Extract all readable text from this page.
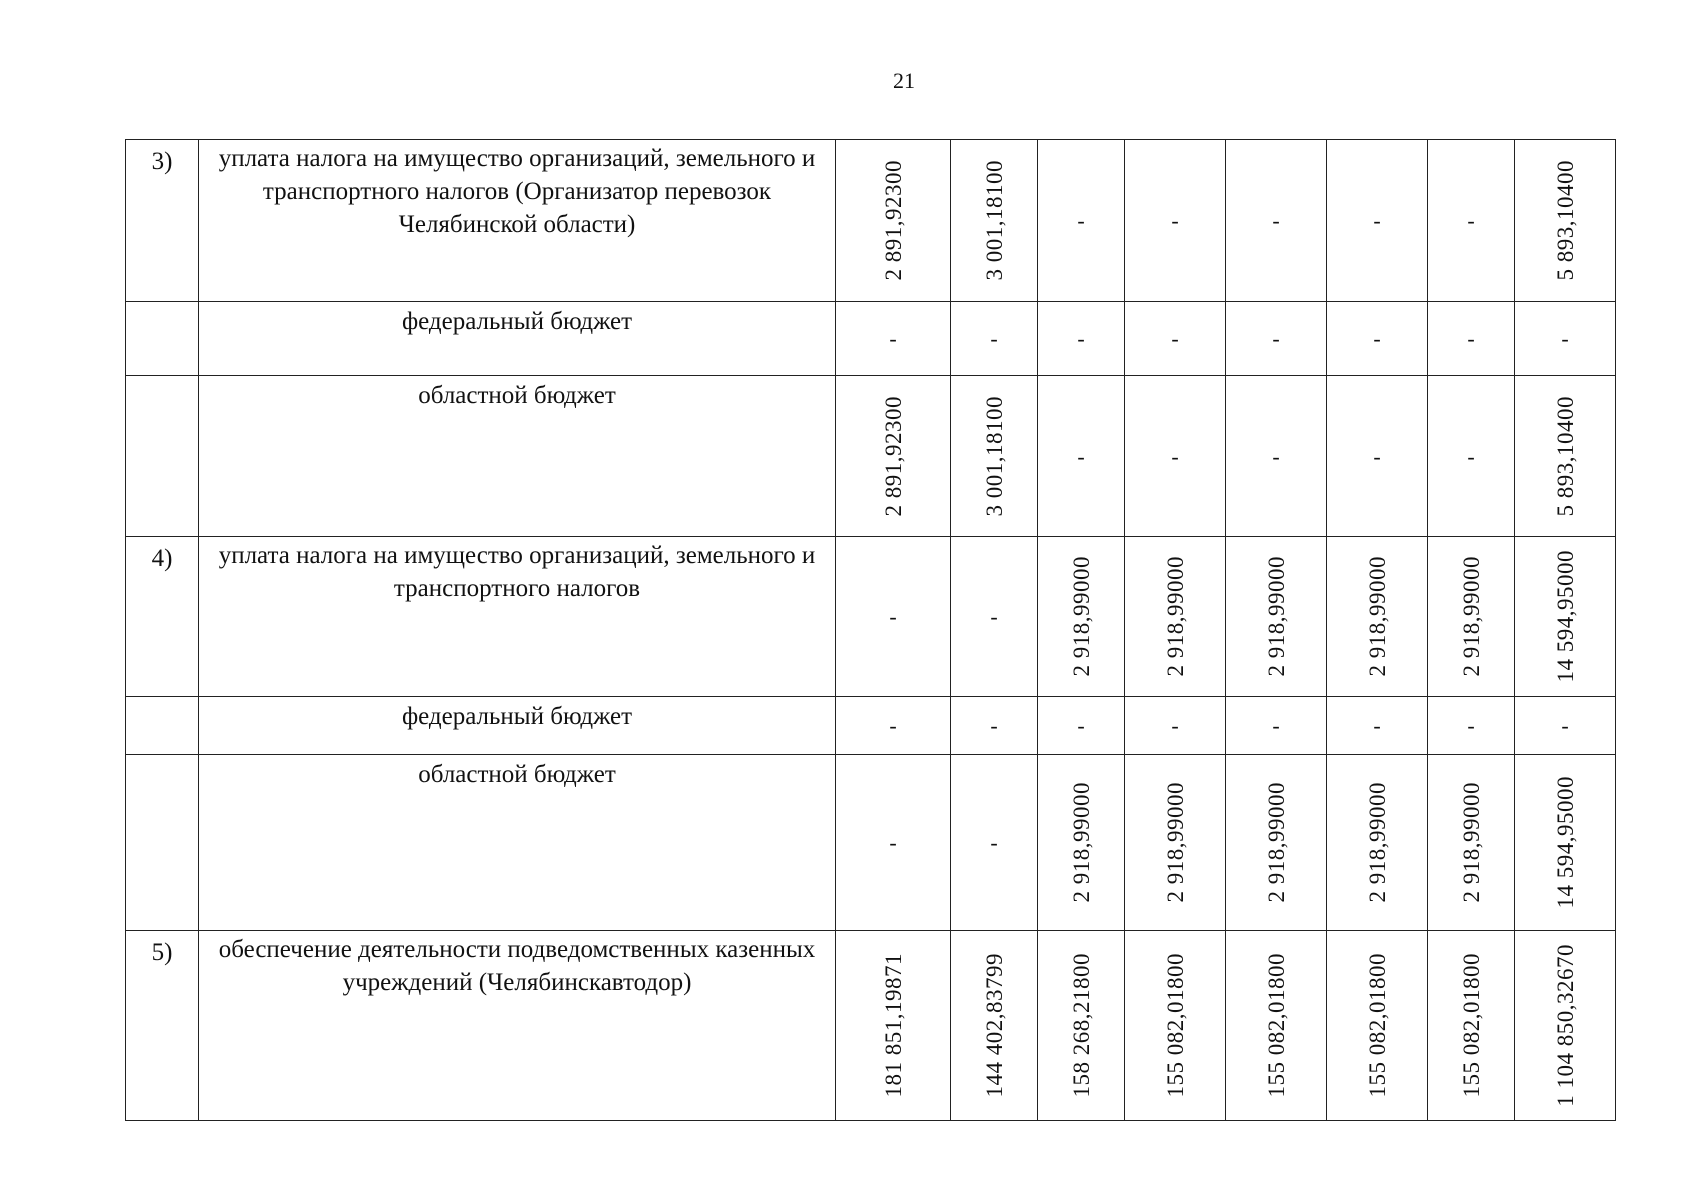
21
3)	уплата налога на имущество организаций, земельного и транспортного налогов (Организатор перевозок Челябинской области)	2 891,92300	3 001,18100	-	-	-	-	-	5 893,10400

	федеральный бюджет	-	-	-	-	-	-	-	-

	областной бюджет	2 891,92300	3 001,18100	-	-	-	-	-	5 893,10400

4)	уплата налога на имущество организаций, земельного и транспортного налогов	-	-	2 918,99000	2 918,99000	2 918,99000	2 918,99000	2 918,99000	14 594,95000

	федеральный бюджет	-	-	-	-	-	-	-	-

	областной бюджет	-	-	2 918,99000	2 918,99000	2 918,99000	2 918,99000	2 918,99000	14 594,95000

5)	обеспечение деятельности подведомственных казенных учреждений (Челябинскавтодор)	181 851,19871	144 402,83799	158 268,21800	155 082,01800	155 082,01800	155 082,01800	155 082,01800	1 104 850,32670
